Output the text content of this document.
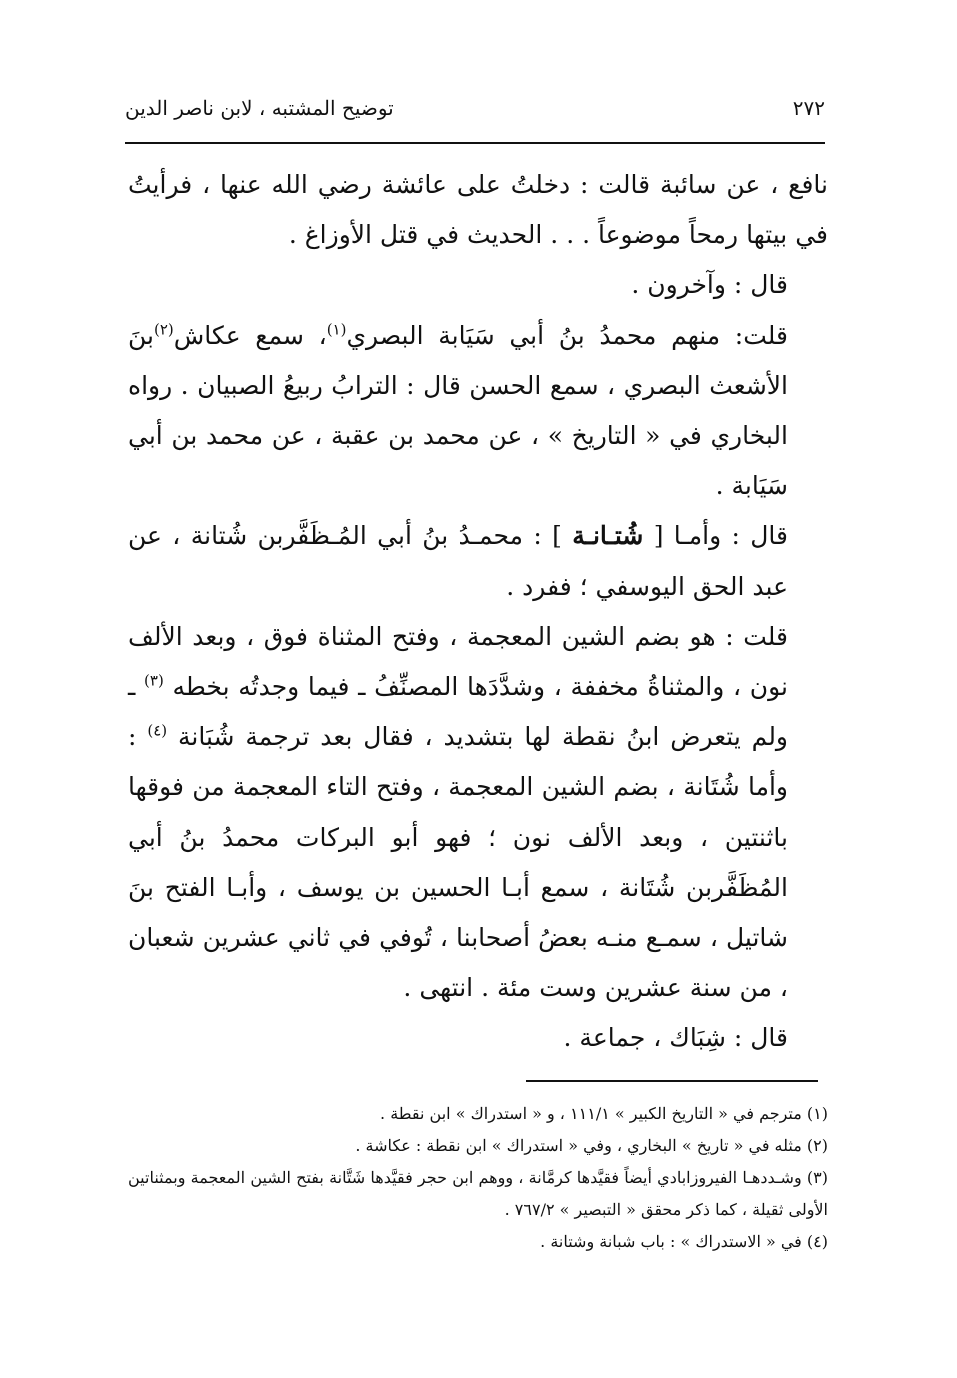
٢٧٢
توضيح المشتبه ، لابن ناصر الدين

نافع ، عن سائبة قالت : دخلتُ على عائشة رضي الله عنها ، فرأيتُ في بيتها رمحاً موضوعاً . . . الحديث في قتل الأوزاغ .

قال : وآخرون .

قلت: منهم محمدُ بنُ أبي سَيَابة البصري$^{(١)}$، سمع عكاش$^{(٢)}$بنَ الأشعث البصري ، سمع الحسن قال : الترابُ ربيعُ الصبيان . رواه البخاري في « التاريخ » ، عن محمد بن عقبة ، عن محمد بن أبي سَيَابة .

قال : وأمـا [ شُتـانـة ] : محمـدُ بنُ أبي المُـظَفَّربن شُتانة ، عن عبد الحق اليوسفي ؛ ففرد .

قلت : هو بضم الشين المعجمة ، وفتح المثناة فوق ، وبعد الألف نون ، والمثناةُ مخففة ، وشدَّدَها المصنِّفُ ـ فيما وجدتُه بخطه $^{(٣)}$ ـ ولم يتعرض ابنُ نقطة لها بتشديد ، فقال بعد ترجمة شُبَانة $^{(٤)}$ : وأما شُتَانة ، بضم الشين المعجمة ، وفتح التاء المعجمة من فوقها باثنتين ، وبعد الألف نون ؛ فهو أبو البركات محمدُ بنُ أبي المُظَفَّربن شُتَانة ، سمع أبـا الحسين بن يوسف ، وأبـا الفتح بنَ شاتيل ، سمـع منـه بعضُ أصحابنا ، تُوفي في ثاني عشرين شعبان ، من سنة عشرين وست مئة . انتهى .

قال : شِبَاك ، جماعة .

(١) مترجم في « التاريخ الكبير » ١١١/١ ، و « استدراك » ابن نقطة .

(٢) مثله في « تاريخ » البخاري ، وفي « استدراك » ابن نقطة : عكاشة .

(٣) وشـددهـا الفيروزابادي أيضاً فقيَّدها كرمَّانة ، ووهم ابن حجر فقيَّدها شَتَّانة بفتح الشين المعجمة وبمثناتين الأولى ثقيلة ، كما ذكر محقق « التبصير » ٧٦٧/٢ .

(٤) في « الاستدراك » : باب شبانة وشتانة .
